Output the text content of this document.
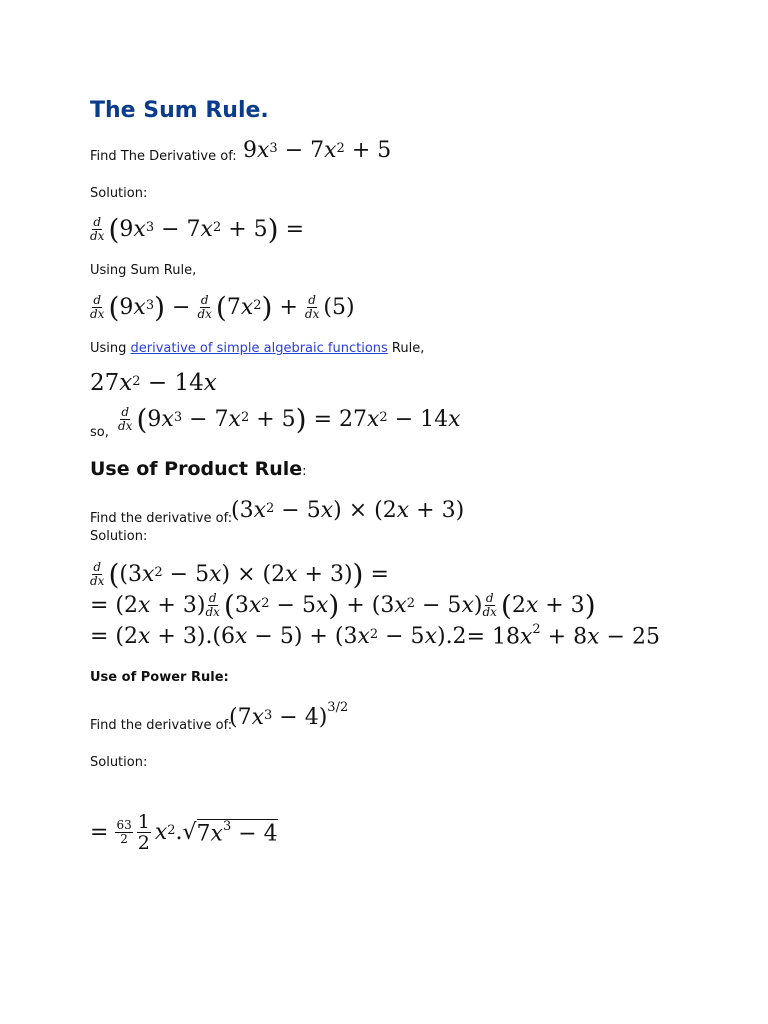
The Sum Rule.
Find The Derivative of: 9 $x^3 - 7$ $x^2 + 5$
Solution:
$\frac{d}{dx}$ ( 9 $x^3 - 7$ $x^2 + 5$ ) =
Using Sum Rule,
$\frac{d}{dx}$ ( 9 $x^3$ ) − $\frac{d}{dx}$ ( 7 $x^2$ ) + $\frac{d}{dx} (5)$
Using derivative of simple algebraic functions Rule,
27 $x^2 - 14$ x
so, $\frac{d}{dx}$ ( 9 $x^3 - 7$ $x^2 + 5$ ) = 27 $x^2 - 14$ x
Use of Product Rule:
Find the derivative of:
(3 $x^2 - 5$ x ) × (2 x + 3)
Solution:
$\frac{d}{dx}$ ( (3 $x^2 - 5$ x ) × (2 x + 3) ) =
= (2 $x + 3) \frac{d}{dx}$ ( 3 $x^2 - 5$ x ) + (3 $x^2 - 5$ x ) $\frac{d}{dx}$ ( 2 x + 3 )
= (2 x + 3).(6 x − 5) + (3 $x^2 - 5$ x )$.2 = 18x^2 + 8x - 25$
Use of Power Rule:
Find the derivative of:
(7 $x^3 - 4)^{3/2}$
Solution:
= $\frac{63}{2} \frac{1}{2} x^2$ .√ $7x^3 - 4$
